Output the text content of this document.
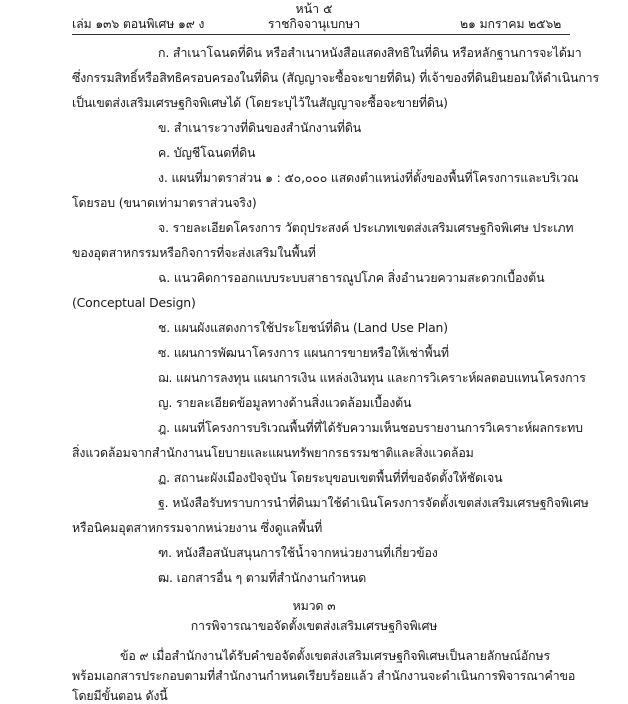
หน้า ๕
เล่ม ๑๓๖ ตอนพิเศษ ๑๙ ง	ราชกิจจานุเบกษา	๒๑ มกราคม ๒๕๖๒
ก. สำเนาโฉนดที่ดิน หรือสำเนาหนังสือแสดงสิทธิในที่ดิน หรือหลักฐานการจะได้มา
ซึ่งกรรมสิทธิ์หรือสิทธิครอบครองในที่ดิน (สัญญาจะซื้อจะขายที่ดิน) ที่เจ้าของที่ดินยินยอมให้ดำเนินการ
เป็นเขตส่งเสริมเศรษฐกิจพิเศษได้ (โดยระบุไว้ในสัญญาจะซื้อจะขายที่ดิน)
ข. สำเนาระวางที่ดินของสำนักงานที่ดิน
ค. บัญชีโฉนดที่ดิน
ง. แผนที่มาตราส่วน ๑ : ๕๐,๐๐๐ แสดงตำแหน่งที่ตั้งของพื้นที่โครงการและบริเวณ
โดยรอบ (ขนาดเท่ามาตราส่วนจริง)
จ. รายละเอียดโครงการ วัตถุประสงค์ ประเภทเขตส่งเสริมเศรษฐกิจพิเศษ ประเภท
ของอุตสาหกรรมหรือกิจการที่จะส่งเสริมในพื้นที่
ฉ. แนวคิดการออกแบบระบบสาธารณูปโภค สิ่งอำนวยความสะดวกเบื้องต้น
(Conceptual Design)
ช. แผนผังแสดงการใช้ประโยชน์ที่ดิน (Land Use Plan)
ซ. แผนการพัฒนาโครงการ แผนการขายหรือให้เช่าพื้นที่
ฌ. แผนการลงทุน แผนการเงิน แหล่งเงินทุน และการวิเคราะห์ผลตอบแทนโครงการ
ญ. รายละเอียดข้อมูลทางด้านสิ่งแวดล้อมเบื้องต้น
ฎ. แผนที่โครงการบริเวณพื้นที่ที่ได้รับความเห็นชอบรายงานการวิเคราะห์ผลกระทบ
สิ่งแวดล้อมจากสำนักงานนโยบายและแผนทรัพยากรธรรมชาติและสิ่งแวดล้อม
ฏ. สถานะผังเมืองปัจจุบัน โดยระบุขอบเขตพื้นที่ที่ขอจัดตั้งให้ชัดเจน
ฐ. หนังสือรับทราบการนำที่ดินมาใช้ดำเนินโครงการจัดตั้งเขตส่งเสริมเศรษฐกิจพิเศษ
หรือนิคมอุตสาหกรรมจากหน่วยงาน ซึ่งดูแลพื้นที่
ฑ. หนังสือสนับสนุนการใช้น้ำจากหน่วยงานที่เกี่ยวข้อง
ฒ. เอกสารอื่น ๆ ตามที่สำนักงานกำหนด
หมวด ๓
การพิจารณาขอจัดตั้งเขตส่งเสริมเศรษฐกิจพิเศษ
ข้อ ๙ เมื่อสำนักงานได้รับคำขอจัดตั้งเขตส่งเสริมเศรษฐกิจพิเศษเป็นลายลักษณ์อักษร
พร้อมเอกสารประกอบตามที่สำนักงานกำหนดเรียบร้อยแล้ว สำนักงานจะดำเนินการพิจารณาคำขอ
โดยมีขั้นตอน ดังนี้
